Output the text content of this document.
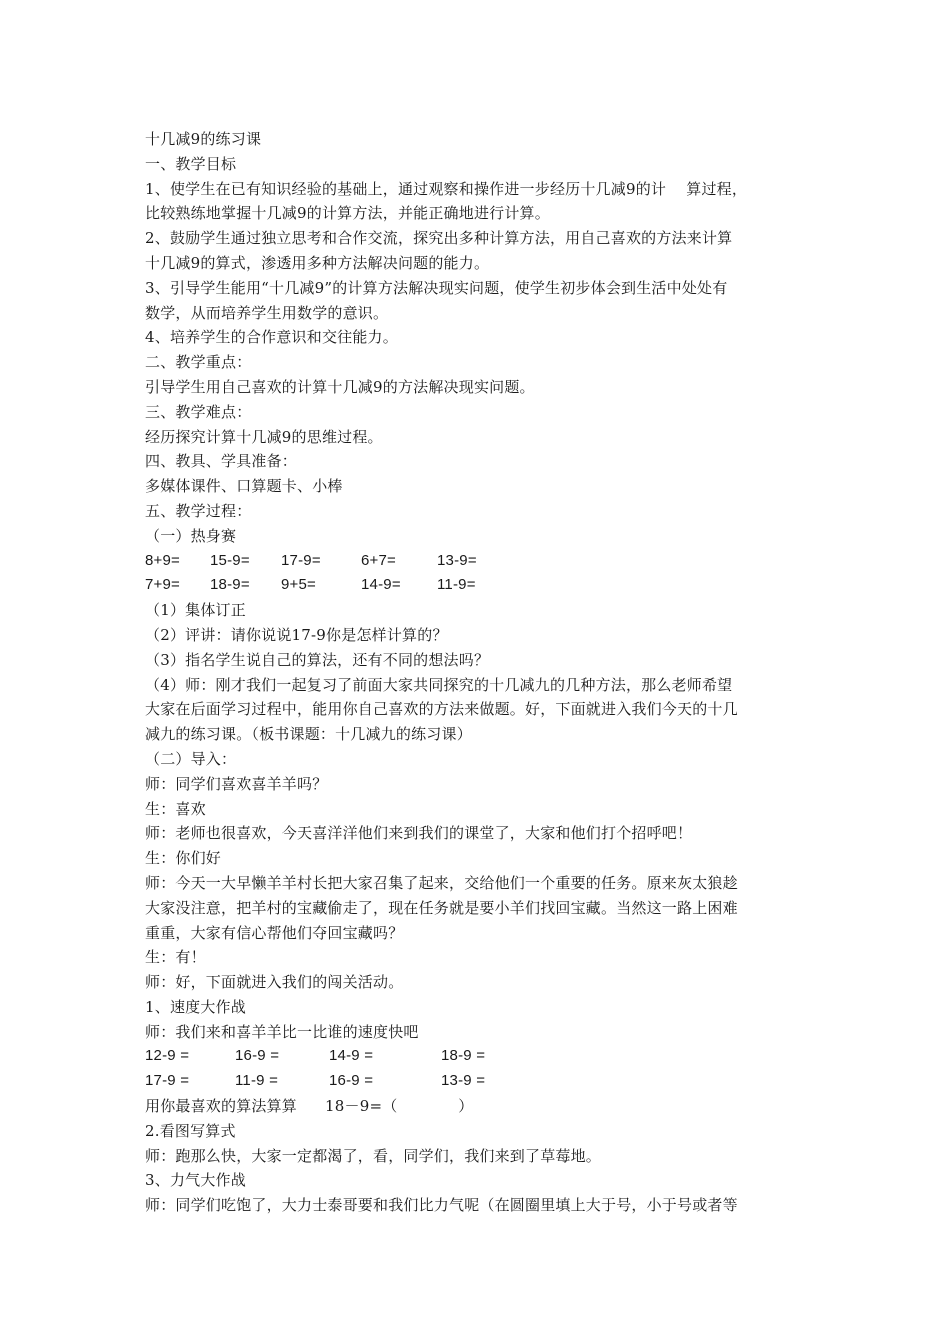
十几减9的练习课
一、教学目标
1、使学生在已有知识经验的基础上，通过观察和操作进一步经历十几减9的计　 算过程，
比较熟练地掌握十几减9的计算方法，并能正确地进行计算。
2、鼓励学生通过独立思考和合作交流，探究出多种计算方法，用自己喜欢的方法来计算
十几减9的算式，渗透用多种方法解决问题的能力。
3、引导学生能用“十几减9”的计算方法解决现实问题，使学生初步体会到生活中处处有
数学，从而培养学生用数学的意识。
4、培养学生的合作意识和交往能力。
二、教学重点：
引导学生用自己喜欢的计算十几减9的方法解决现实问题。
三、教学难点：
经历探究计算十几减9的思维过程。
四、教具、学具准备：
多媒体课件、口算题卡、小棒
五、教学过程：
（一）热身赛
8+9=	15-9=	17-9=	6+7=	13-9=
7+9=	18-9=	9+5=	14-9=	11-9=
（1）集体订正
（2）评讲：请你说说17-9你是怎样计算的？
（3）指名学生说自己的算法，还有不同的想法吗？
（4）师：刚才我们一起复习了前面大家共同探究的十几减九的几种方法，那么老师希望
大家在后面学习过程中，能用你自己喜欢的方法来做题。好，下面就进入我们今天的十几
减九的练习课。（板书课题：十几减九的练习课）
（二）导入：
师：同学们喜欢喜羊羊吗？
生：喜欢
师：老师也很喜欢，今天喜洋洋他们来到我们的课堂了，大家和他们打个招呼吧！
生：你们好
师：今天一大早懒羊羊村长把大家召集了起来，交给他们一个重要的任务。原来灰太狼趁
大家没注意，把羊村的宝藏偷走了，现在任务就是要小羊们找回宝藏。当然这一路上困难
重重，大家有信心帮他们夺回宝藏吗？
生：有！
师：好，下面就进入我们的闯关活动。
1、速度大作战
师：我们来和喜羊羊比一比谁的速度快吧
12-9 =	16-9 =	14-9 =	18-9 =
17-9 =	11-9 =	16-9 =	13-9 =
用你最喜欢的算法算算 18－9=（　　　　）
2.看图写算式
师：跑那么快，大家一定都渴了，看，同学们，我们来到了草莓地。
3、力气大作战
师：同学们吃饱了，大力士泰哥要和我们比力气呢（在圆圈里填上大于号，小于号或者等
